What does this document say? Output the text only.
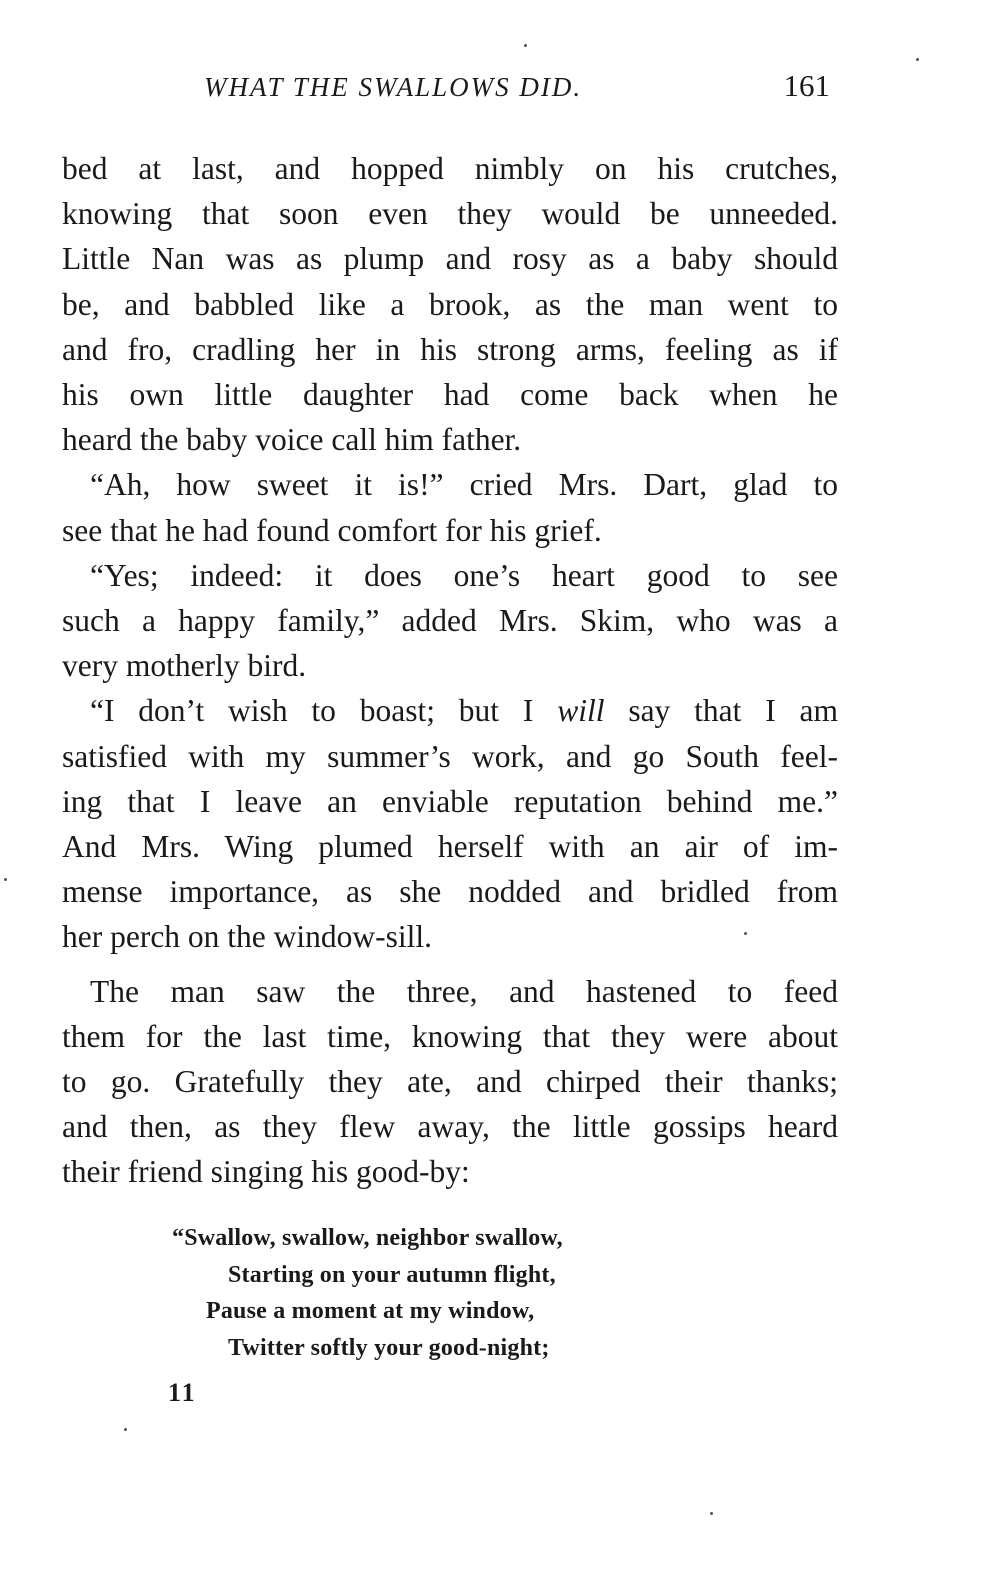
WHAT THE SWALLOWS DID.	161

bed at last, and hopped nimbly on his crutches,

knowing that soon even they would be unneeded.

Little Nan was as plump and rosy as a baby should

be, and babbled like a brook, as the man went to

and fro, cradling her in his strong arms, feeling as if

his own little daughter had come back when he

heard the baby voice call him father.

“Ah, how sweet it is!” cried Mrs. Dart, glad to

see that he had found comfort for his grief.

“Yes; indeed: it does one’s heart good to see

such a happy family,” added Mrs. Skim, who was a

very motherly bird.

“I don’t wish to boast; but I will say that I am

satisfied with my summer’s work, and go South feel-

ing that I leave an enviable reputation behind me.”

And Mrs. Wing plumed herself with an air of im-

mense importance, as she nodded and bridled from

her perch on the window-sill.

The man saw the three, and hastened to feed

them for the last time, knowing that they were about

to go. Gratefully they ate, and chirped their thanks;

and then, as they flew away, the little gossips heard

their friend singing his good-by:

“Swallow, swallow, neighbor swallow,
Starting on your autumn flight,
Pause a moment at my window,
Twitter softly your good-night;
11
